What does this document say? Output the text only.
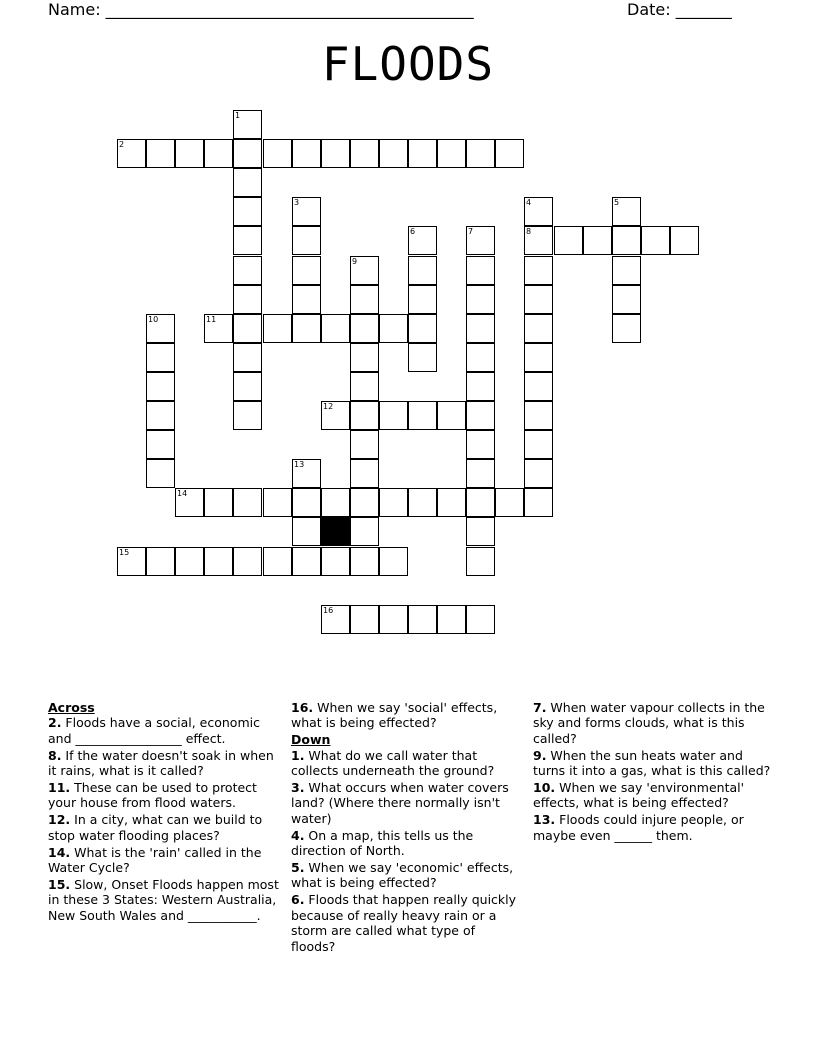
Name: ______________________________________________	Date: _______
FLOODS
1
2
3	4	5
6	7	8
9
10	11
12
13
14
15
16
Across
2. Floods have a social, economic and _________________ effect.
8. If the water doesn't soak in when it rains, what is it called?
11. These can be used to protect your house from flood waters.
12. In a city, what can we build to stop water flooding places?
14. What is the 'rain' called in the Water Cycle?
15. Slow, Onset Floods happen most in these 3 States: Western Australia, New South Wales and ___________.
16. When we say 'social' effects, what is being effected?
Down
1. What do we call water that collects underneath the ground?
3. What occurs when water covers land? (Where there normally isn't water)
4. On a map, this tells us the direction of North.
5. When we say 'economic' effects, what is being effected?
6. Floods that happen really quickly because of really heavy rain or a storm are called what type of floods?
7. When water vapour collects in the sky and forms clouds, what is this called?
9. When the sun heats water and turns it into a gas, what is this called?
10. When we say 'environmental' effects, what is being effected?
13. Floods could injure people, or maybe even ______ them.
